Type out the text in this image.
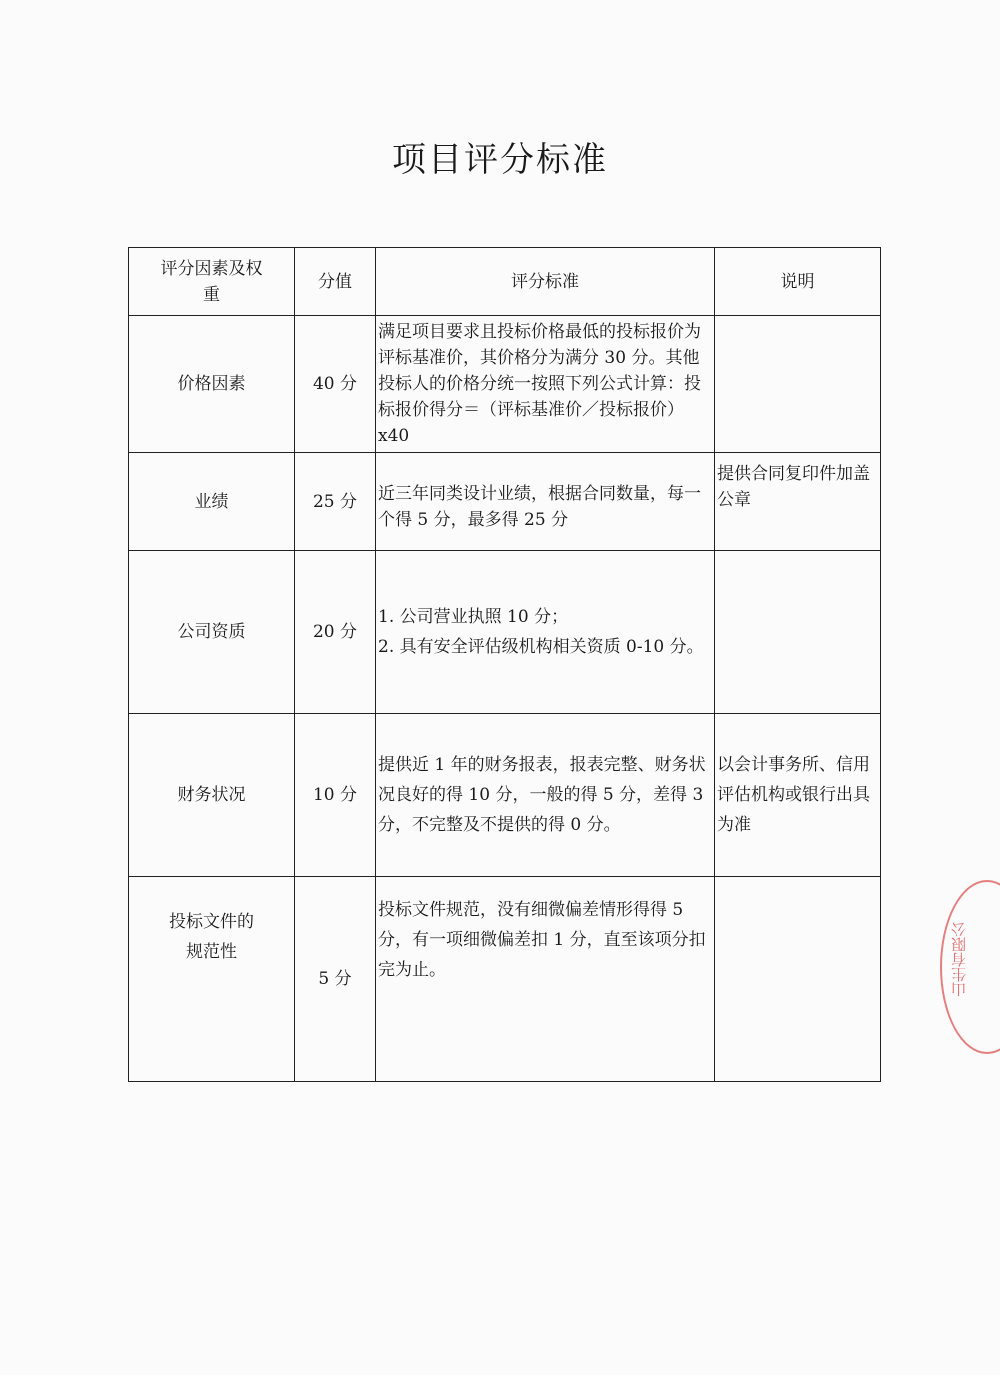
项目评分标准
评分因素及权重	分值	评分标准	说明
价格因素	40 分	满足项目要求且投标价格最低的投标报价为评标基准价，其价格分为满分 30 分。其他投标人的价格分统一按照下列公式计算：投标报价得分＝（评标基准价／投标报价）x40	
业绩	25 分	近三年同类设计业绩，根据合同数量，每一个得 5 分，最多得 25 分	提供合同复印件加盖公章
公司资质	20 分	1. 公司营业执照 10 分；
2. 具有安全评估级机构相关资质 0-10 分。	

财务状况	10 分	提供近 1 年的财务报表，报表完整、财务状况良好的得 10 分，一般的得 5 分，差得 3 分，不完整及不提供的得 0 分。	以会计事务所、信用评估机构或银行出具为准
投标文件的规范性	5 分	投标文件规范，没有细微偏差情形得得 5 分，有一项细微偏差扣 1 分，直至该项分扣完为止。		山生有限公
